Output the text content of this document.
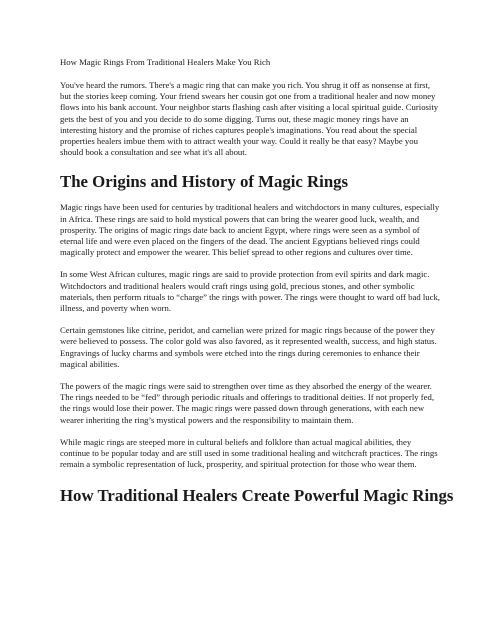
How Magic Rings From Traditional Healers Make You Rich

You've heard the rumors. There's a magic ring that can make you rich. You shrug it off as nonsense at first, but the stories keep coming. Your friend swears her cousin got one from a traditional healer and now money flows into his bank account. Your neighbor starts flashing cash after visiting a local spiritual guide. Curiosity gets the best of you and you decide to do some digging. Turns out, these magic money rings have an interesting history and the promise of riches captures people's imaginations. You read about the special properties healers imbue them with to attract wealth your way. Could it really be that easy? Maybe you should book a consultation and see what it's all about.

The Origins and History of Magic Rings

Magic rings have been used for centuries by traditional healers and witchdoctors in many cultures, especially in Africa. These rings are said to hold mystical powers that can bring the wearer good luck, wealth, and prosperity. The origins of magic rings date back to ancient Egypt, where rings were seen as a symbol of eternal life and were even placed on the fingers of the dead. The ancient Egyptians believed rings could magically protect and empower the wearer. This belief spread to other regions and cultures over time.

In some West African cultures, magic rings are said to provide protection from evil spirits and dark magic. Witchdoctors and traditional healers would craft rings using gold, precious stones, and other symbolic materials, then perform rituals to “charge” the rings with power. The rings were thought to ward off bad luck, illness, and poverty when worn.

Certain gemstones like citrine, peridot, and carnelian were prized for magic rings because of the power they were believed to possess. The color gold was also favored, as it represented wealth, success, and high status. Engravings of lucky charms and symbols were etched into the rings during ceremonies to enhance their magical abilities.

The powers of the magic rings were said to strengthen over time as they absorbed the energy of the wearer. The rings needed to be “fed” through periodic rituals and offerings to traditional deities. If not properly fed, the rings would lose their power. The magic rings were passed down through generations, with each new wearer inheriting the ring’s mystical powers and the responsibility to maintain them.

While magic rings are steeped more in cultural beliefs and folklore than actual magical abilities, they continue to be popular today and are still used in some traditional healing and witchcraft practices. The rings remain a symbolic representation of luck, prosperity, and spiritual protection for those who wear them.

How Traditional Healers Create Powerful Magic Rings
